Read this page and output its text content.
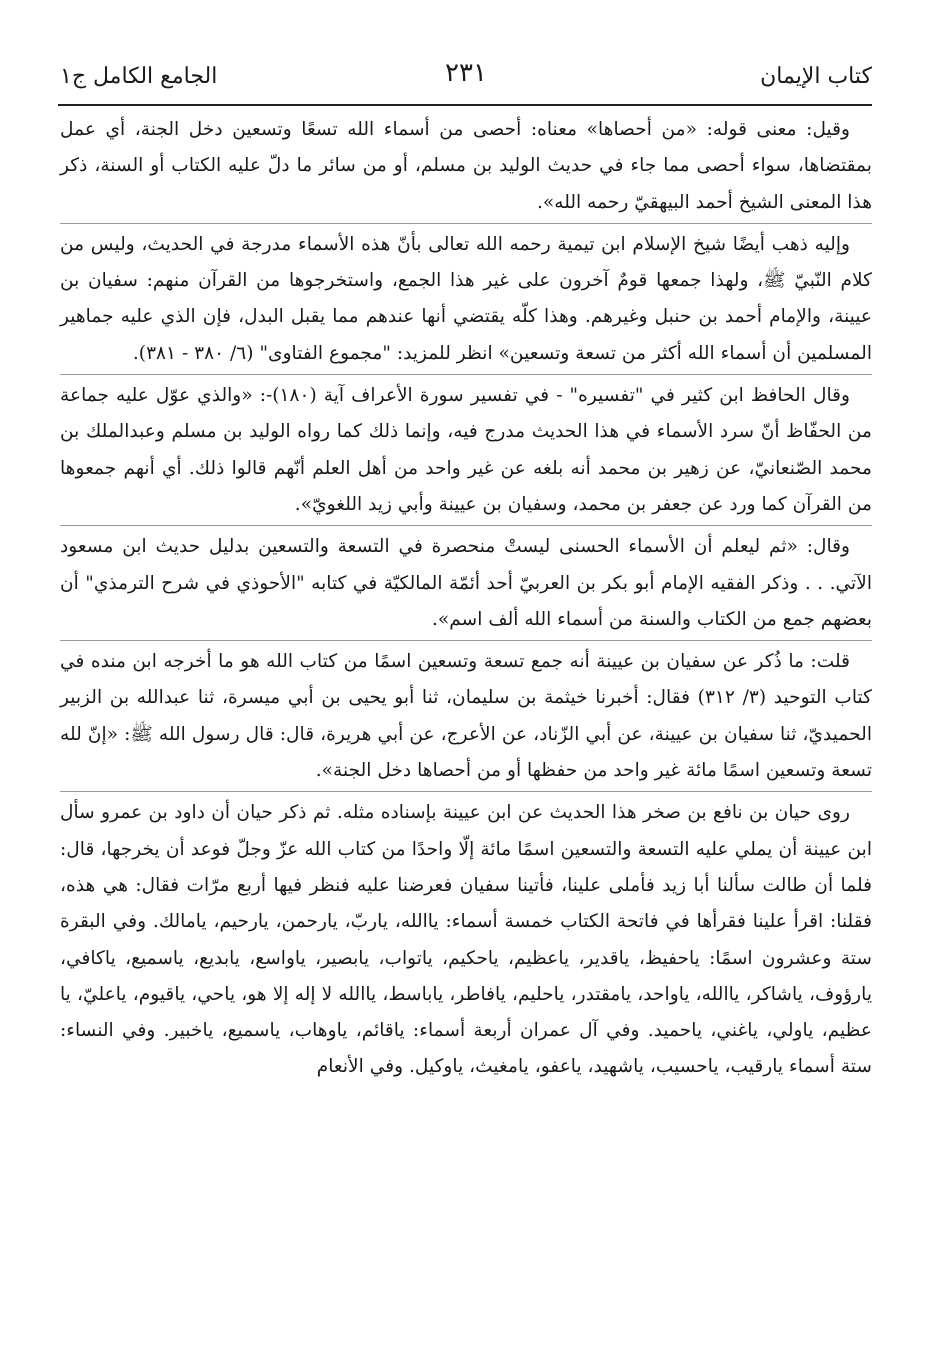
كتاب الإيمان
٢٣١
الجامع الكامل ج١

وقيل: معنى قوله: «من أحصاها» معناه: أحصى من أسماء الله تسعًا وتسعين دخل الجنة، أي عمل بمقتضاها، سواء أحصى مما جاء في حديث الوليد بن مسلم، أو من سائر ما دلّ عليه الكتاب أو السنة، ذكر هذا المعنى الشيخ أحمد البيهقيّ رحمه الله».

وإليه ذهب أيضًا شيخ الإسلام ابن تيمية رحمه الله تعالى بأنّ هذه الأسماء مدرجة في الحديث، وليس من كلام النّبيّ ﷺ، ولهذا جمعها قومٌ آخرون على غير هذا الجمع، واستخرجوها من القرآن منهم: سفيان بن عيينة، والإمام أحمد بن حنبل وغيرهم. وهذا كلّه يقتضي أنها عندهم مما يقبل البدل، فإن الذي عليه جماهير المسلمين أن أسماء الله أكثر من تسعة وتسعين» انظر للمزيد: "مجموع الفتاوى" (٦/ ٣٨٠ - ٣٨١).

وقال الحافظ ابن كثير في "تفسيره" - في تفسير سورة الأعراف آية (١٨٠)-: «والذي عوّل عليه جماعة من الحفّاظ أنّ سرد الأسماء في هذا الحديث مدرج فيه، وإنما ذلك كما رواه الوليد بن مسلم وعبدالملك بن محمد الصّنعانيّ، عن زهير بن محمد أنه بلغه عن غير واحد من أهل العلم أنّهم قالوا ذلك. أي أنهم جمعوها من القرآن كما ورد عن جعفر بن محمد، وسفيان بن عيينة وأبي زيد اللغويّ».

وقال: «ثم ليعلم أن الأسماء الحسنى ليستْ منحصرة في التسعة والتسعين بدليل حديث ابن مسعود الآتي. . . وذكر الفقيه الإمام أبو بكر بن العربيّ أحد أئمّة المالكيّة في كتابه "الأحوذي في شرح الترمذي" أن بعضهم جمع من الكتاب والسنة من أسماء الله ألف اسم».

قلت: ما ذُكر عن سفيان بن عيينة أنه جمع تسعة وتسعين اسمًا من كتاب الله هو ما أخرجه ابن منده في كتاب التوحيد (٣/ ٣١٢) فقال: أخبرنا خيثمة بن سليمان، ثنا أبو يحيى بن أبي ميسرة، ثنا عبدالله بن الزبير الحميديّ، ثنا سفيان بن عيينة، عن أبي الزّناد، عن الأعرج، عن أبي هريرة، قال: قال رسول الله ﷺ: «إنّ لله تسعة وتسعين اسمًا مائة غير واحد من حفظها أو من أحصاها دخل الجنة».

روى حيان بن نافع بن صخر هذا الحديث عن ابن عيينة بإسناده مثله. ثم ذكر حيان أن داود بن عمرو سأل ابن عيينة أن يملي عليه التسعة والتسعين اسمًا مائة إلّا واحدًا من كتاب الله عزّ وجلّ فوعد أن يخرجها، قال: فلما أن طالت سألنا أبا زيد فأملى علينا، فأتينا سفيان فعرضنا عليه فنظر فيها أربع مرّات فقال: هي هذه، فقلنا: اقرأ علينا فقرأها في فاتحة الكتاب خمسة أسماء: ياالله، ياربّ، يارحمن، يارحيم، يامالك. وفي البقرة ستة وعشرون اسمًا: ياحفيظ، ياقدير، ياعظيم، ياحكيم، ياتواب، يابصير، ياواسع، يابديع، ياسميع، ياكافي، يارؤوف، ياشاكر، ياالله، ياواحد، يامقتدر، ياحليم، يافاطر، ياباسط، ياالله لا إله إلا هو، ياحي، ياقيوم، ياعليّ، يا عظيم، ياولي، ياغني، ياحميد. وفي آل عمران أربعة أسماء: ياقائم، ياوهاب، ياسميع، ياخبير. وفي النساء: ستة أسماء يارقيب، ياحسيب، ياشهيد، ياعفو، يامغيث، ياوكيل. وفي الأنعام
